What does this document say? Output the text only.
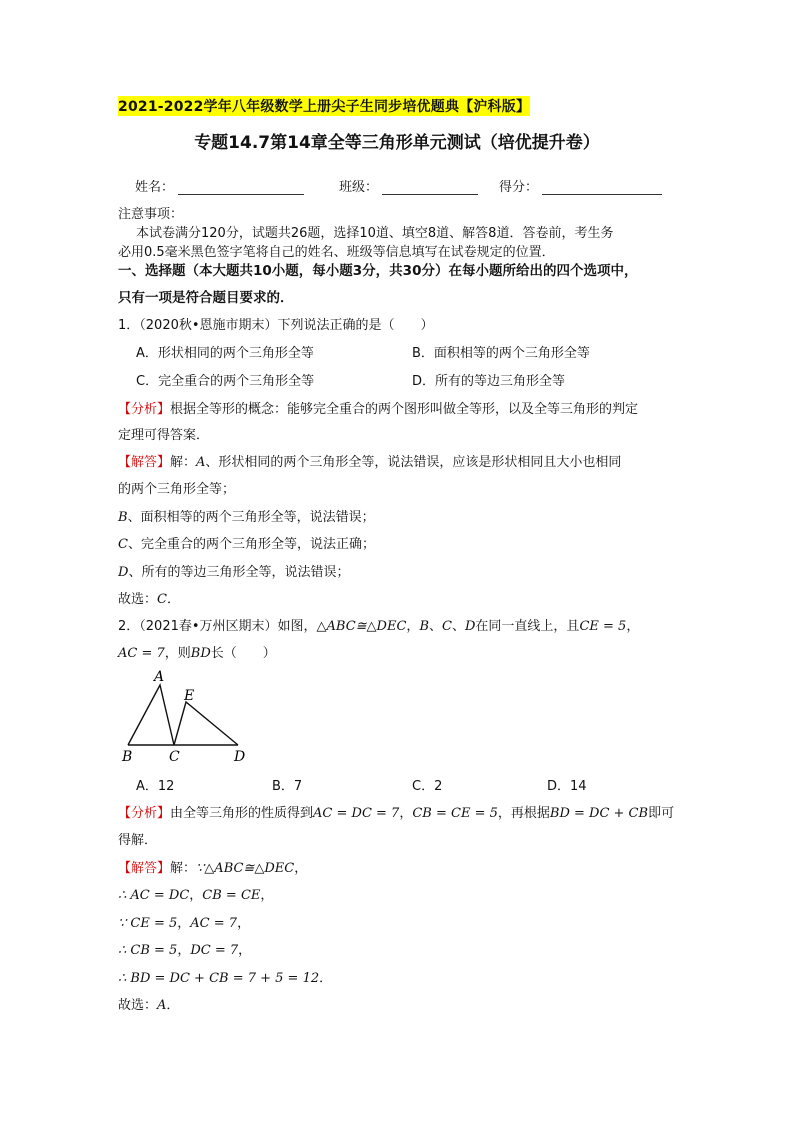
2021-2022学年八年级数学上册尖子生同步培优题典【沪科版】
专题14.7第14章全等三角形单元测试（培优提升卷）
姓名：	班级：	得分：
注意事项：
本试卷满分120分，试题共26题，选择10道、填空8道、解答8道．答卷前，考生务
必用0.5毫米黑色签字笔将自己的姓名、班级等信息填写在试卷规定的位置．
一、选择题（本大题共10小题，每小题3分，共30分）在每小题所给出的四个选项中，
只有一项是符合题目要求的．
1．（2020秋•恩施市期末）下列说法正确的是（　　）
A．形状相同的两个三角形全等	B．面积相等的两个三角形全等
C．完全重合的两个三角形全等	D．所有的等边三角形全等
【分析】根据全等形的概念：能够完全重合的两个图形叫做全等形，以及全等三角形的判定
定理可得答案．
【解答】解：A、形状相同的两个三角形全等，说法错误，应该是形状相同且大小也相同
的两个三角形全等；
B、面积相等的两个三角形全等，说法错误；
C、完全重合的两个三角形全等，说法正确；
D、所有的等边三角形全等，说法错误；
故选：C．
2．（2021春•万州区期末）如图，△ABC≅△DEC，B、C、D在同一直线上，且CE = 5，
AC = 7，则BD长（　　）
A
E
B	C	D
A．12	B．7	C．2	D．14
【分析】由全等三角形的性质得到AC = DC = 7，CB = CE = 5，再根据BD = DC + CB即可
得解．
【解答】解：∵△ABC≅△DEC，
∴ AC = DC，CB = CE，
∵ CE = 5，AC = 7，
∴ CB = 5，DC = 7，
∴ BD = DC + CB = 7 + 5 = 12．
故选：A．
